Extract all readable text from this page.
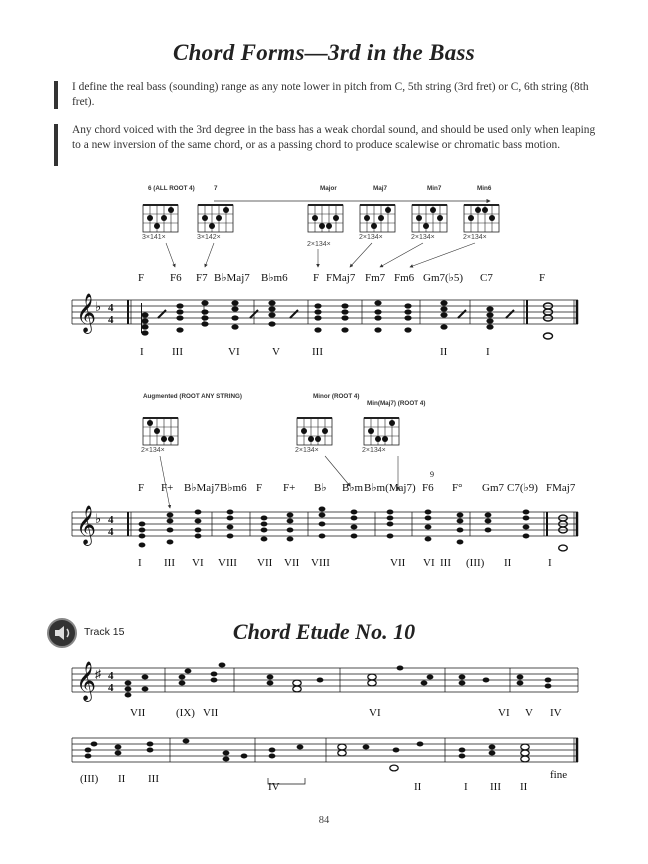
Chord Forms—3rd in the Bass
I define the real bass (sounding) range as any note lower in pitch from C, 5th string (3rd fret) or C, 6th string (8th fret).
Any chord voiced with the 3rd degree in the bass has a weak chordal sound, and should be used only when leaping to a new inversion of the same chord, or as a passing chord to produce scalewise or chromatic bass motion.
6 (ALL ROOT 4)	7	Major	Maj7	Min7	Min6
3×141×	3×142×
2×134×
2×134×	2×134×	2×134×
F F6 F7 B♭Maj7 B♭m6 F FMaj7 Fm7 Fm6 Gm7(♭5) C7	F
𝄞
♭ 4
4
I	III	VI	V	III	II	I
Augmented (ROOT ANY STRING)	Minor (ROOT 4)
Min(Maj7) (ROOT 4)
2×134×	2×134×	2×134×
F F+ B♭Maj7 B♭m6 F F+ B♭ B♭m B♭m(Maj7) F6
9
F° Gm7 C7(♭9) FMaj7
𝄞
♭ 4
4
I III VI VIII VII VII VIII	VII VI III (III) II	I
𝄞
♯ 4
4
VII	(IX) VII	VI	VI V IV
(III) II III
IV	II	I III II
fine
Track 15	Chord Etude No. 10
84
